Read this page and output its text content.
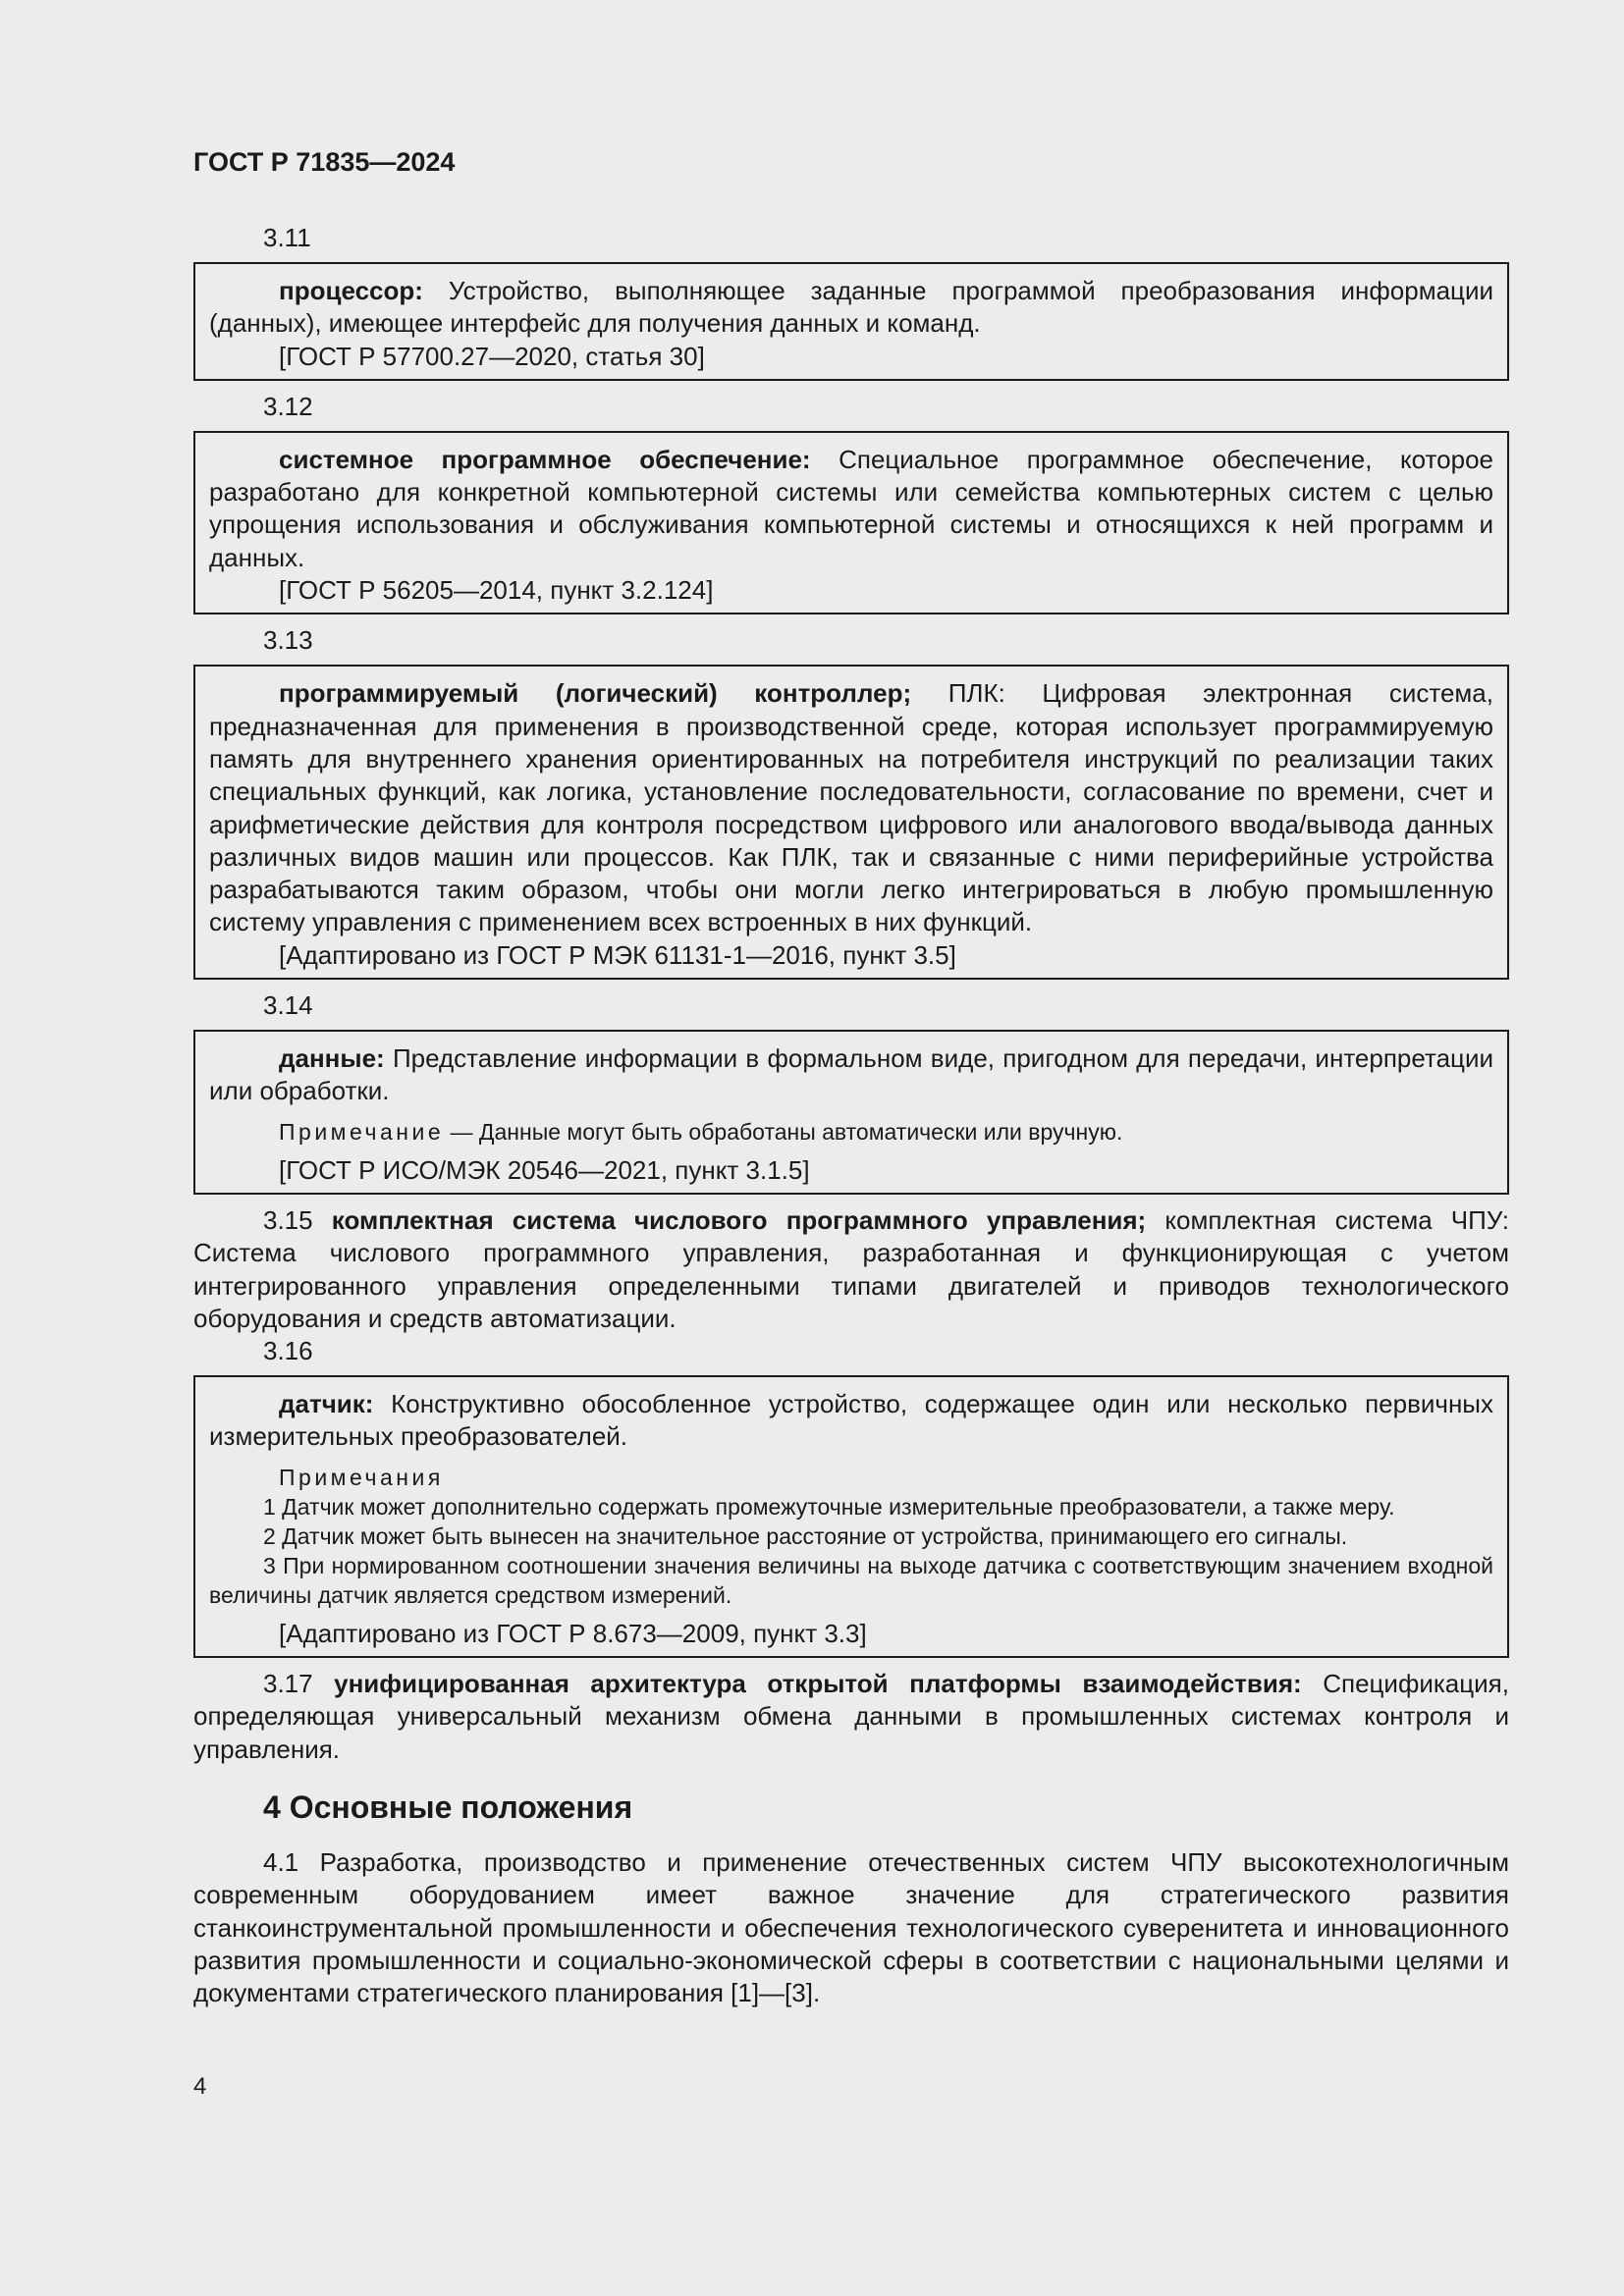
ГОСТ Р 71835—2024
3.11

процессор: Устройство, выполняющее заданные программой преобразования информации (данных), имеющее интерфейс для получения данных и команд.

[ГОСТ Р 57700.27—2020, статья 30]
3.12

системное программное обеспечение: Специальное программное обеспечение, которое разработано для конкретной компьютерной системы или семейства компьютерных систем с целью упрощения использования и обслуживания компьютерной системы и относящихся к ней программ и данных.

[ГОСТ Р 56205—2014, пункт 3.2.124]
3.13

программируемый (логический) контроллер; ПЛК: Цифровая электронная система, предназначенная для применения в производственной среде, которая использует программируемую память для внутреннего хранения ориентированных на потребителя инструкций по реализации таких специальных функций, как логика, установление последовательности, согласование по времени, счет и арифметические действия для контроля посредством цифрового или аналогового ввода/вывода данных различных видов машин или процессов. Как ПЛК, так и связанные с ними периферийные устройства разрабатываются таким образом, чтобы они могли легко интегрироваться в любую промышленную систему управления с применением всех встроенных в них функций.

[Адаптировано из ГОСТ Р МЭК 61131-1—2016, пункт 3.5]
3.14

данные: Представление информации в формальном виде, пригодном для передачи, интерпретации или обработки.

Примечание — Данные могут быть обработаны автоматически или вручную.
[ГОСТ Р ИСО/МЭК 20546—2021, пункт 3.1.5]

3.15 комплектная система числового программного управления; комплектная система ЧПУ: Система числового программного управления, разработанная и функционирующая с учетом интегрированного управления определенными типами двигателей и приводов технологического оборудования и средств автоматизации.

3.16

датчик: Конструктивно обособленное устройство, содержащее один или несколько первичных измерительных преобразователей.

Примечания

1 Датчик может дополнительно содержать промежуточные измерительные преобразователи, а также меру.

2 Датчик может быть вынесен на значительное расстояние от устройства, принимающего его сигналы.

3 При нормированном соотношении значения величины на выходе датчика с соответствующим значением входной величины датчик является средством измерений.

[Адаптировано из ГОСТ Р 8.673—2009, пункт 3.3]

3.17 унифицированная архитектура открытой платформы взаимодействия: Спецификация, определяющая универсальный механизм обмена данными в промышленных системах контроля и управления.

4 Основные положения

4.1 Разработка, производство и применение отечественных систем ЧПУ высокотехнологичным современным оборудованием имеет важное значение для стратегического развития станкоинструментальной промышленности и обеспечения технологического суверенитета и инновационного развития промышленности и социально-экономической сферы в соответствии с национальными целями и документами стратегического планирования [1]—[3].

4
